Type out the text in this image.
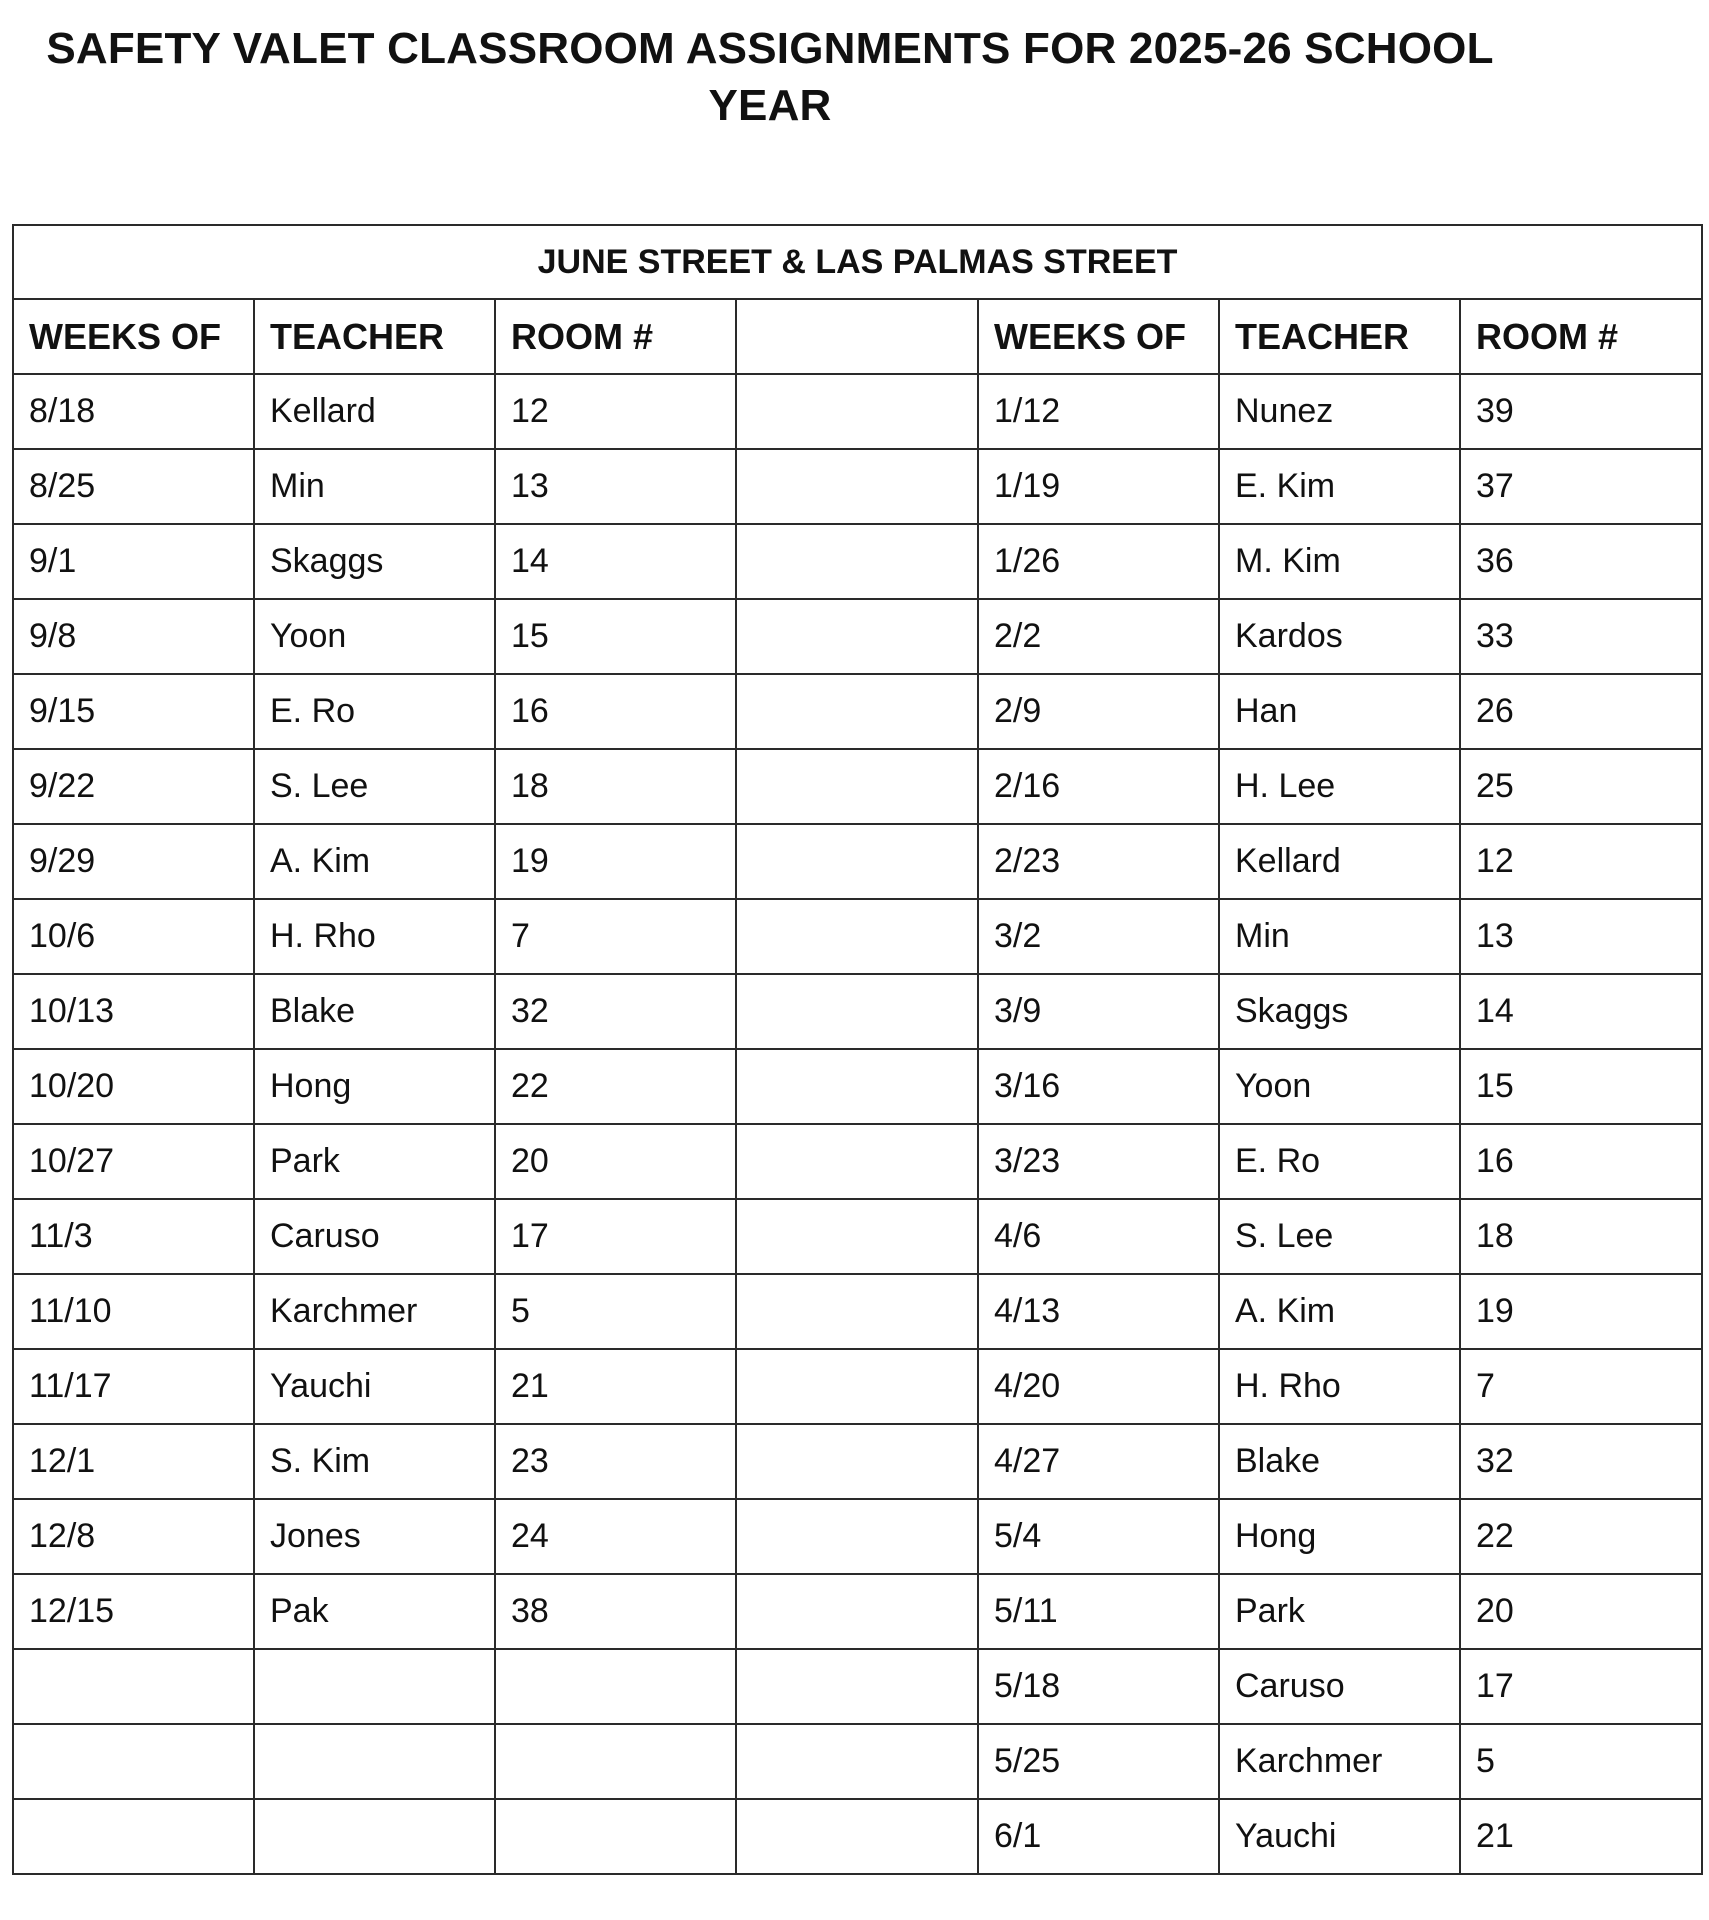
SAFETY VALET CLASSROOM ASSIGNMENTS FOR 2025-26 SCHOOL YEAR
JUNE STREET & LAS PALMAS STREET						
WEEKS OF	TEACHER	ROOM #		WEEKS OF	TEACHER	ROOM #
8/18	Kellard	12		1/12	Nunez	39
8/25	Min	13		1/19	E. Kim	37
9/1	Skaggs	14		1/26	M. Kim	36
9/8	Yoon	15		2/2	Kardos	33
9/15	E. Ro	16		2/9	Han	26
9/22	S. Lee	18		2/16	H. Lee	25
9/29	A. Kim	19		2/23	Kellard	12
10/6	H. Rho	7		3/2	Min	13
10/13	Blake	32		3/9	Skaggs	14
10/20	Hong	22		3/16	Yoon	15
10/27	Park	20		3/23	E. Ro	16
11/3	Caruso	17		4/6	S. Lee	18
11/10	Karchmer	5		4/13	A. Kim	19
11/17	Yauchi	21		4/20	H. Rho	7
12/1	S. Kim	23		4/27	Blake	32
12/8	Jones	24		5/4	Hong	22
12/15	Pak	38		5/11	Park	20
				5/18	Caruso	17
				5/25	Karchmer	5
				6/1	Yauchi	21
